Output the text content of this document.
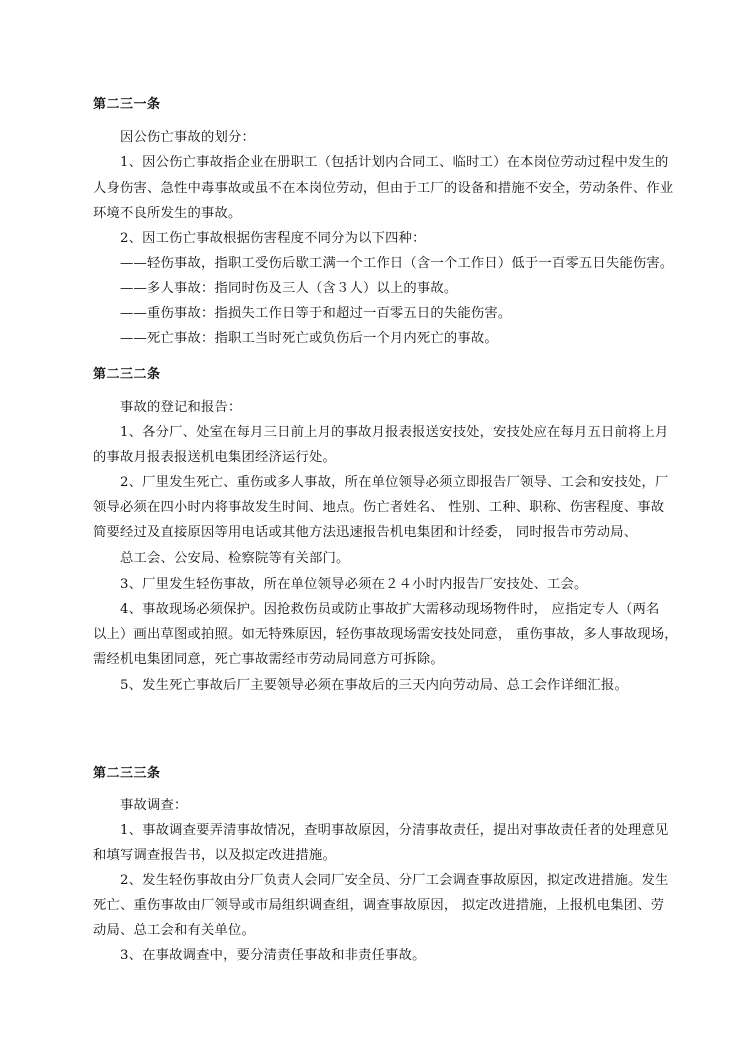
第二三一条
因公伤亡事故的划分：
1、因公伤亡事故指企业在册职工（包括计划内合同工、临时工）在本岗位劳动过程中发生的
人身伤害、急性中毒事故或虽不在本岗位劳动，但由于工厂的设备和措施不安全，劳动条件、作业
环境不良所发生的事故。
2、因工伤亡事故根据伤害程度不同分为以下四种：
——轻伤事故，指职工受伤后歇工满一个工作日（含一个工作日）低于一百零五日失能伤害。
——多人事故：指同时伤及三人（含３人）以上的事故。
——重伤事故：指损失工作日等于和超过一百零五日的失能伤害。
——死亡事故：指职工当时死亡或负伤后一个月内死亡的事故。
第二三二条
事故的登记和报告：
1、各分厂、处室在每月三日前上月的事故月报表报送安技处，安技处应在每月五日前将上月
的事故月报表报送机电集团经济运行处。
2、厂里发生死亡、重伤或多人事故，所在单位领导必须立即报告厂领导、工会和安技处，厂
领导必须在四小时内将事故发生时间、地点。伤亡者姓名、 性别、工种、职称、伤害程度、事故
简要经过及直接原因等用电话或其他方法迅速报告机电集团和计经委， 同时报告市劳动局、
总工会、公安局、检察院等有关部门。
3、厂里发生轻伤事故，所在单位领导必须在２４小时内报告厂安技处、工会。
4、事故现场必须保护。因抢救伤员或防止事故扩大需移动现场物件时， 应指定专人（两名
以上）画出草图或拍照。如无特殊原因，轻伤事故现场需安技处同意， 重伤事故，多人事故现场，
需经机电集团同意，死亡事故需经市劳动局同意方可拆除。
5、发生死亡事故后厂主要领导必须在事故后的三天内向劳动局、总工会作详细汇报。
第二三三条
事故调查：
1、事故调查要弄清事故情况，查明事故原因，分清事故责任，提出对事故责任者的处理意见
和填写调查报告书，以及拟定改进措施。
2、发生轻伤事故由分厂负责人会同厂安全员、分厂工会调查事故原因，拟定改进措施。发生
死亡、重伤事故由厂领导或市局组织调查组，调查事故原因， 拟定改进措施，上报机电集团、劳
动局、总工会和有关单位。
3、在事故调查中，要分清责任事故和非责任事故。
